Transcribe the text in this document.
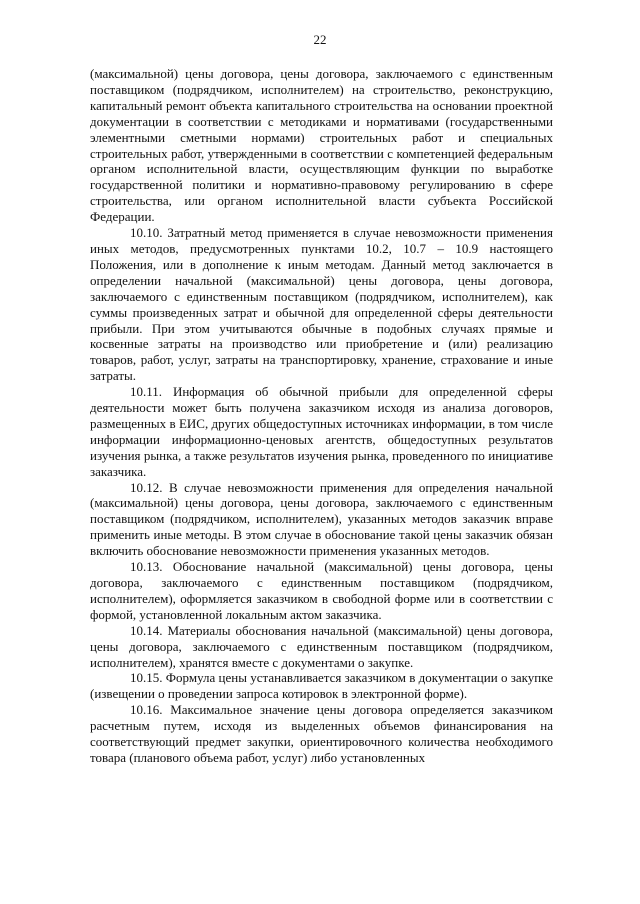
22

(максимальной) цены договора, цены договора, заключаемого с единственным поставщиком (подрядчиком, исполнителем) на строительство, реконструкцию, капитальный ремонт объекта капитального строительства на основании проектной документации в соответствии с методиками и нормативами (государственными элементными сметными нормами) строительных работ и специальных строительных работ, утвержденными в соответствии с компетенцией федеральным органом исполнительной власти, осуществляющим функции по выработке государственной политики и нормативно-правовому регулированию в сфере строительства, или органом исполнительной власти субъекта Российской Федерации.

10.10. Затратный метод применяется в случае невозможности применения иных методов, предусмотренных пунктами 10.2, 10.7 – 10.9 настоящего Положения, или в дополнение к иным методам. Данный метод заключается в определении начальной (максимальной) цены договора, цены договора, заключаемого с единственным поставщиком (подрядчиком, исполнителем), как суммы произведенных затрат и обычной для определенной сферы деятельности прибыли. При этом учитываются обычные в подобных случаях прямые и косвенные затраты на производство или приобретение и (или) реализацию товаров, работ, услуг, затраты на транспортировку, хранение, страхование и иные затраты.

10.11. Информация об обычной прибыли для определенной сферы деятельности может быть получена заказчиком исходя из анализа договоров, размещенных в ЕИС, других общедоступных источниках информации, в том числе информации информационно-ценовых агентств, общедоступных результатов изучения рынка, а также результатов изучения рынка, проведенного по инициативе заказчика.

10.12. В случае невозможности применения для определения начальной (максимальной) цены договора, цены договора, заключаемого с единственным поставщиком (подрядчиком, исполнителем), указанных методов заказчик вправе применить иные методы. В этом случае в обоснование такой цены заказчик обязан включить обоснование невозможности применения указанных методов.

10.13. Обоснование начальной (максимальной) цены договора, цены договора, заключаемого с единственным поставщиком (подрядчиком, исполнителем), оформляется заказчиком в свободной форме или в соответствии с формой, установленной локальным актом заказчика.

10.14. Материалы обоснования начальной (максимальной) цены договора, цены договора, заключаемого с единственным поставщиком (подрядчиком, исполнителем), хранятся вместе с документами о закупке.

10.15. Формула цены устанавливается заказчиком в документации о закупке (извещении о проведении запроса котировок в электронной форме).

10.16. Максимальное значение цены договора определяется заказчиком расчетным путем, исходя из выделенных объемов финансирования на соответствующий предмет закупки, ориентировочного количества необходимого товара (планового объема работ, услуг) либо установленных
